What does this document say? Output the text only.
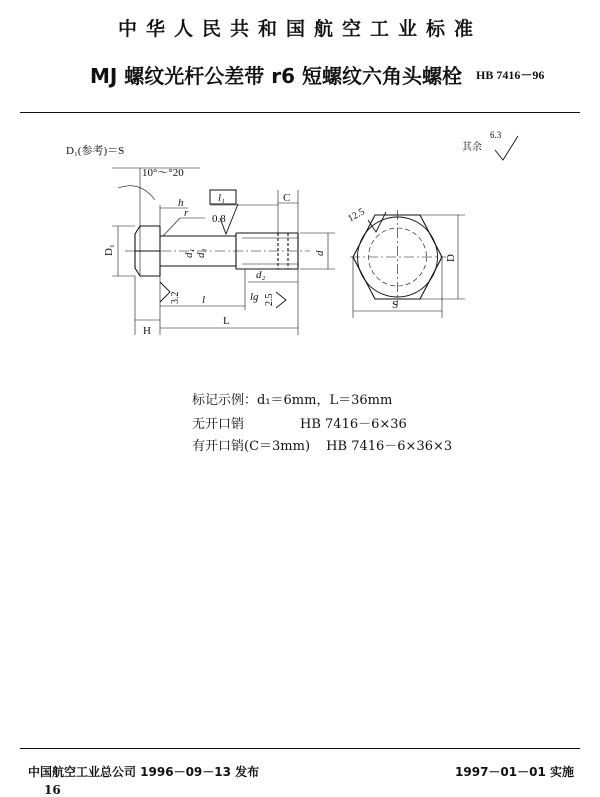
中华人民共和国航空工业标准
MJ 螺纹光杆公差带 r6 短螺纹六角头螺栓 HB 7416－96
D₁(参考)＝S
10°～°20
其余
6.3
0.8
3.2	2.5
12.5
h	l₁	C
r
d₁ d₃	d
d₂
D₁
l	lg
H
L
D
S
标记示例：d₁＝6mm，L＝36mm
无开口销	HB 7416－6×36
有开口销(C＝3mm) HB 7416－6×36×3
中国航空工业总公司 1996－09－13 发布	1997－01－01 实施
16
